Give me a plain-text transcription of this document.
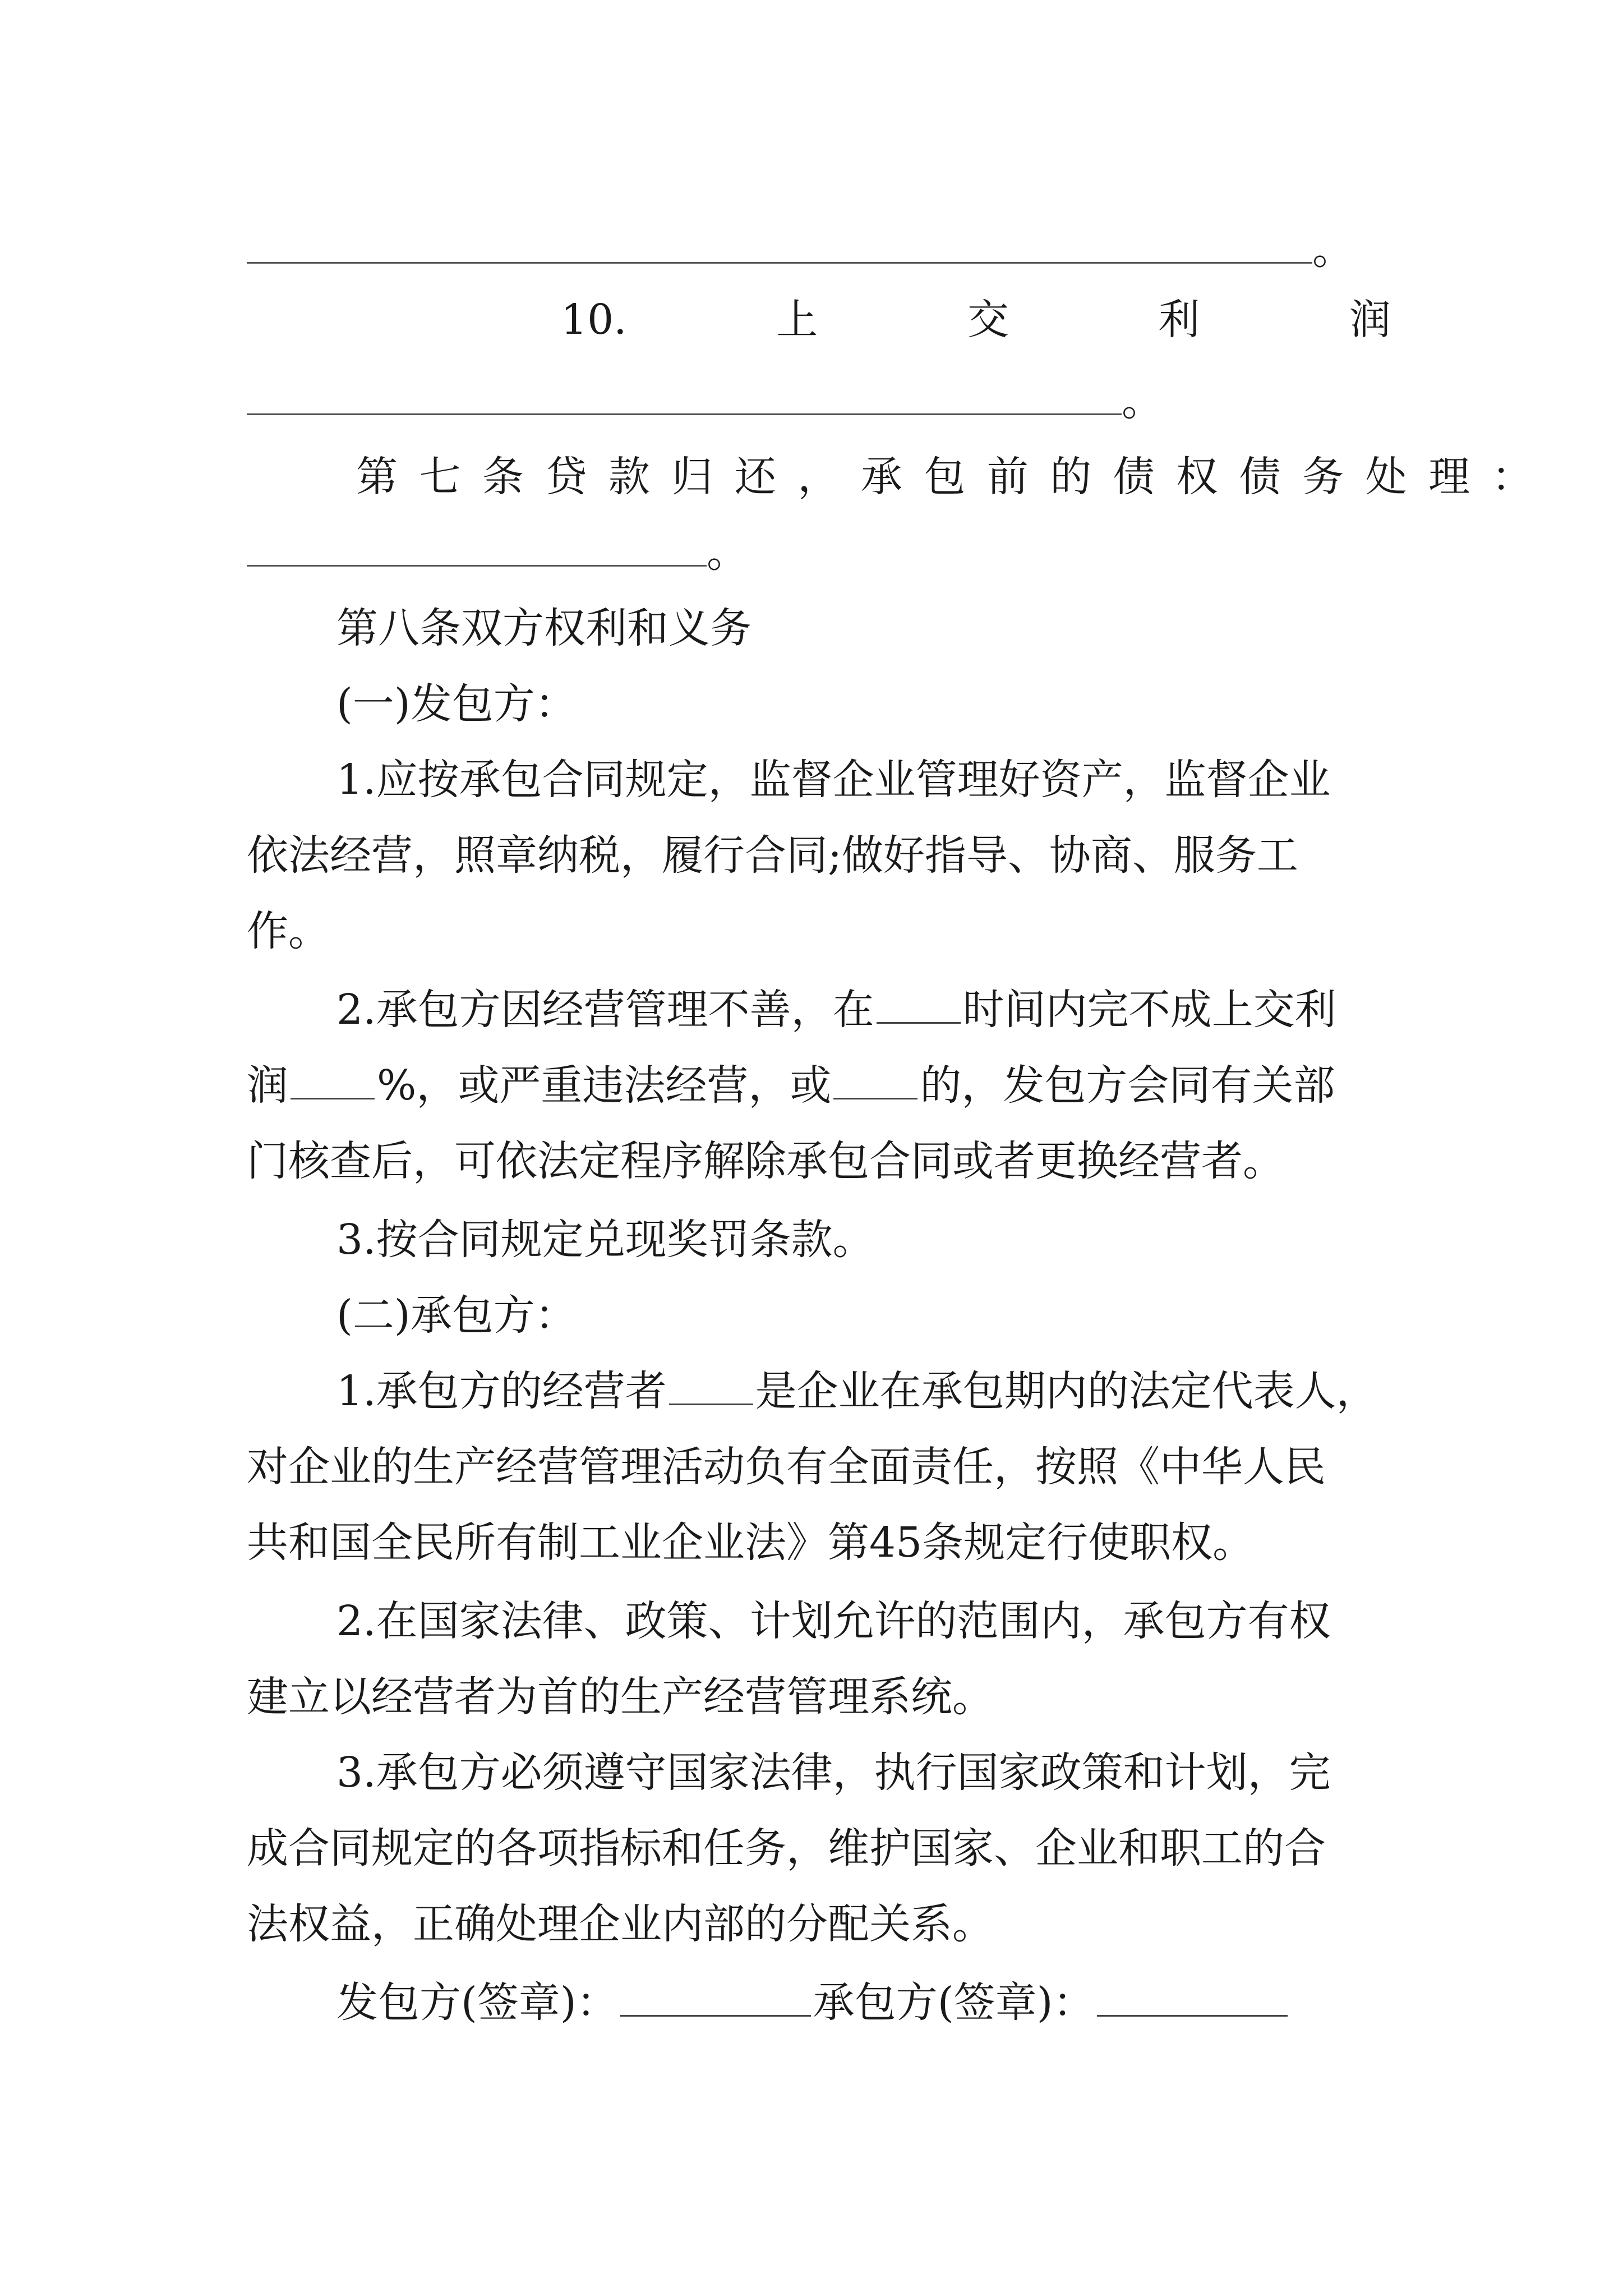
。
10.	上	交	利	润
。
第七条贷款归还，承包前的债权债务处理：
。
第八条双方权利和义务
(一)发包方：
1.应按承包合同规定，监督企业管理好资产，监督企业
依法经营，照章纳税，履行合同;做好指导、协商、服务工
作。
2.承包方因经营管理不善，在 时间内完不成上交利
润 %，或严重违法经营，或 的，发包方会同有关部
门核查后，可依法定程序解除承包合同或者更换经营者。
3.按合同规定兑现奖罚条款。
(二)承包方：
1.承包方的经营者 是企业在承包期内的法定代表人，
对企业的生产经营管理活动负有全面责任，按照《中华人民
共和国全民所有制工业企业法》第45条规定行使职权。
2.在国家法律、政策、计划允许的范围内，承包方有权
建立以经营者为首的生产经营管理系统。
3.承包方必须遵守国家法律，执行国家政策和计划，完
成合同规定的各项指标和任务，维护国家、企业和职工的合
法权益，正确处理企业内部的分配关系。
发包方(签章)：	承包方(签章)：
